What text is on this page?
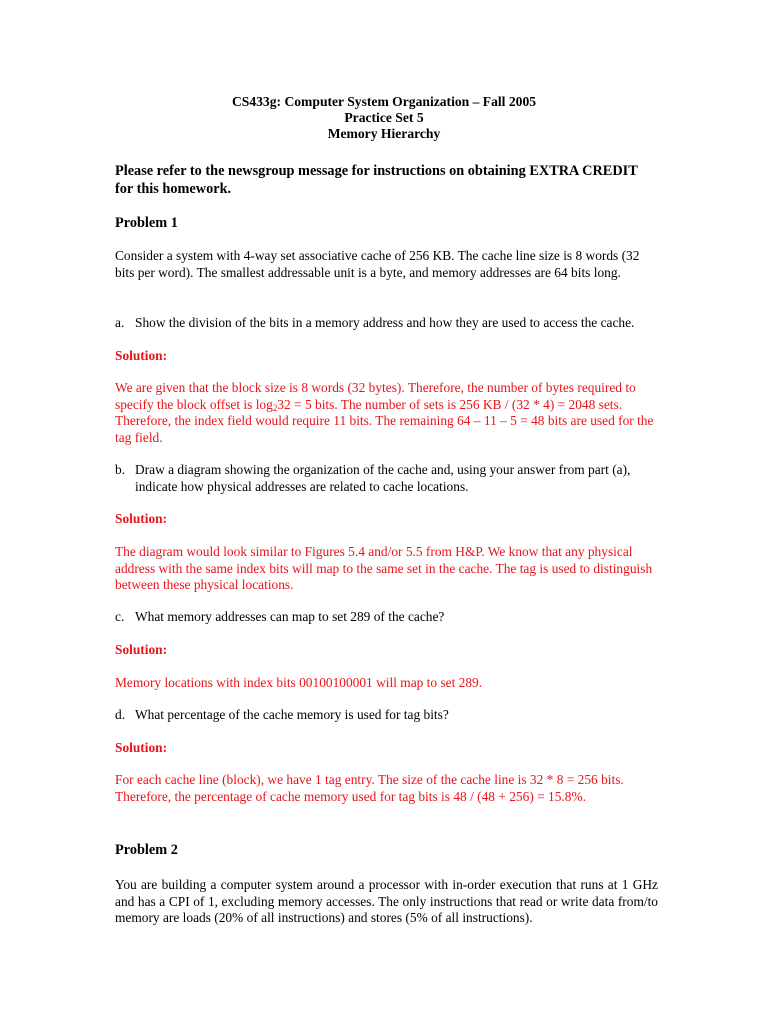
CS433g: Computer System Organization – Fall 2005
Practice Set 5
Memory Hierarchy
Please refer to the newsgroup message for instructions on obtaining EXTRA CREDIT for this homework.
Problem 1
Consider a system with 4-way set associative cache of 256 KB. The cache line size is 8 words (32 bits per word). The smallest addressable unit is a byte, and memory addresses are 64 bits long.
a. Show the division of the bits in a memory address and how they are used to access the cache.
Solution:
We are given that the block size is 8 words (32 bytes). Therefore, the number of bytes required to specify the block offset is $\log_232 = 5$ bits. The number of sets is 256 KB / (32 * 4) = 2048 sets. Therefore, the index field would require 11 bits. The remaining 64 – 11 – 5 = 48 bits are used for the tag field.
b. Draw a diagram showing the organization of the cache and, using your answer from part (a), indicate how physical addresses are related to cache locations.
Solution:
The diagram would look similar to Figures 5.4 and/or 5.5 from H&P. We know that any physical address with the same index bits will map to the same set in the cache. The tag is used to distinguish between these physical locations.
c. What memory addresses can map to set 289 of the cache?
Solution:
Memory locations with index bits 00100100001 will map to set 289.
d. What percentage of the cache memory is used for tag bits?
Solution:
For each cache line (block), we have 1 tag entry. The size of the cache line is 32 * 8 = 256 bits. Therefore, the percentage of cache memory used for tag bits is 48 / (48 + 256) = 15.8%.
Problem 2
You are building a computer system around a processor with in-order execution that runs at 1 GHz and has a CPI of 1, excluding memory accesses. The only instructions that read or write data from/to memory are loads (20% of all instructions) and stores (5% of all instructions).
